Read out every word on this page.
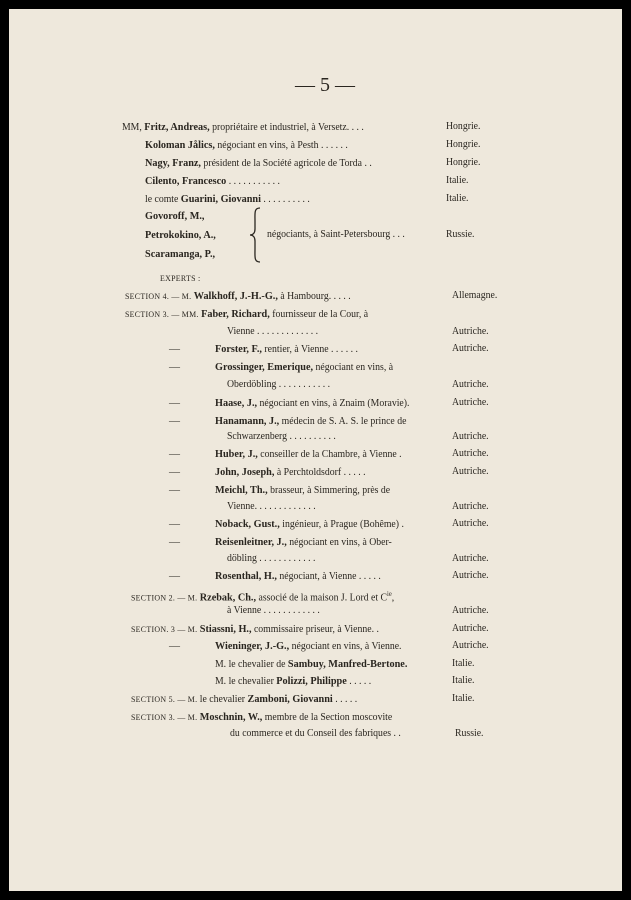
— 5 —
MM, Fritz, Andreas, propriétaire et industriel, à Versetz. . . .	Hongrie.
Koloman Jålics, négociant en vins, à Pesth . . . . . .	Hongrie.
Nagy, Franz, président de la Société agricole de Torda . .	Hongrie.
Cilento, Francesco . . . . . . . . . . .	Italie.
le comte Guarini, Giovanni . . . . . . . . . .	Italie.
Govoroff, M.,
Petrokokino, A.,
Scaramanga, P.,
négociants, à Saint-Petersbourg . . .	Russie.
EXPERTS :
SECTION 4. — M. Walkhoff, J.-H.-G., à Hambourg. . . . .	Allemagne.
SECTION 3. — MM. Faber, Richard, fournisseur de la Cour, à
Vienne . . . . . . . . . . . . .	Autriche.
—	Forster, F., rentier, à Vienne . . . . . .	Autriche.
—	Grossinger, Emerique, négociant en vins, à
Oberdöbling . . . . . . . . . . .	Autriche.
—	Haase, J., négociant en vins, à Znaim (Moravie).	Autriche.
—	Hanamann, J., médecin de S. A. S. le prince de
Schwarzenberg . . . . . . . . . .	Autriche.
—	Huber, J., conseiller de la Chambre, à Vienne .	Autriche.
—	John, Joseph, à Perchtoldsdorf . . . . .	Autriche.
—	Meichl, Th., brasseur, à Simmering, près de
Vienne. . . . . . . . . . . . .	Autriche.
—	Noback, Gust., ingénieur, à Prague (Bohême) .	Autriche.
—	Reisenleitner, J., négociant en vins, à Ober-
döbling . . . . . . . . . . . .	Autriche.
—	Rosenthal, H., négociant, à Vienne . . . . .	Autriche.
SECTION 2. — M. Rzebak, Ch., associé de la maison J. Lord et $C^{ie}$,
à Vienne . . . . . . . . . . . .	Autriche.
SECTION. 3 — M. Stiassni, H., commissaire priseur, à Vienne. .	Autriche.
—	Wieninger, J.-G., négociant en vins, à Vienne.	Autriche.
M. le chevalier de Sambuy, Manfred-Bertone.	Italie.
M. le chevalier Polizzi, Philippe . . . . .	Italie.
SECTION 5. — M. le chevalier Zamboni, Giovanni . . . . .	Italie.
SECTION 3. — M. Moschnin, W., membre de la Section moscovite
du commerce et du Conseil des fabriques . .	Russie.
